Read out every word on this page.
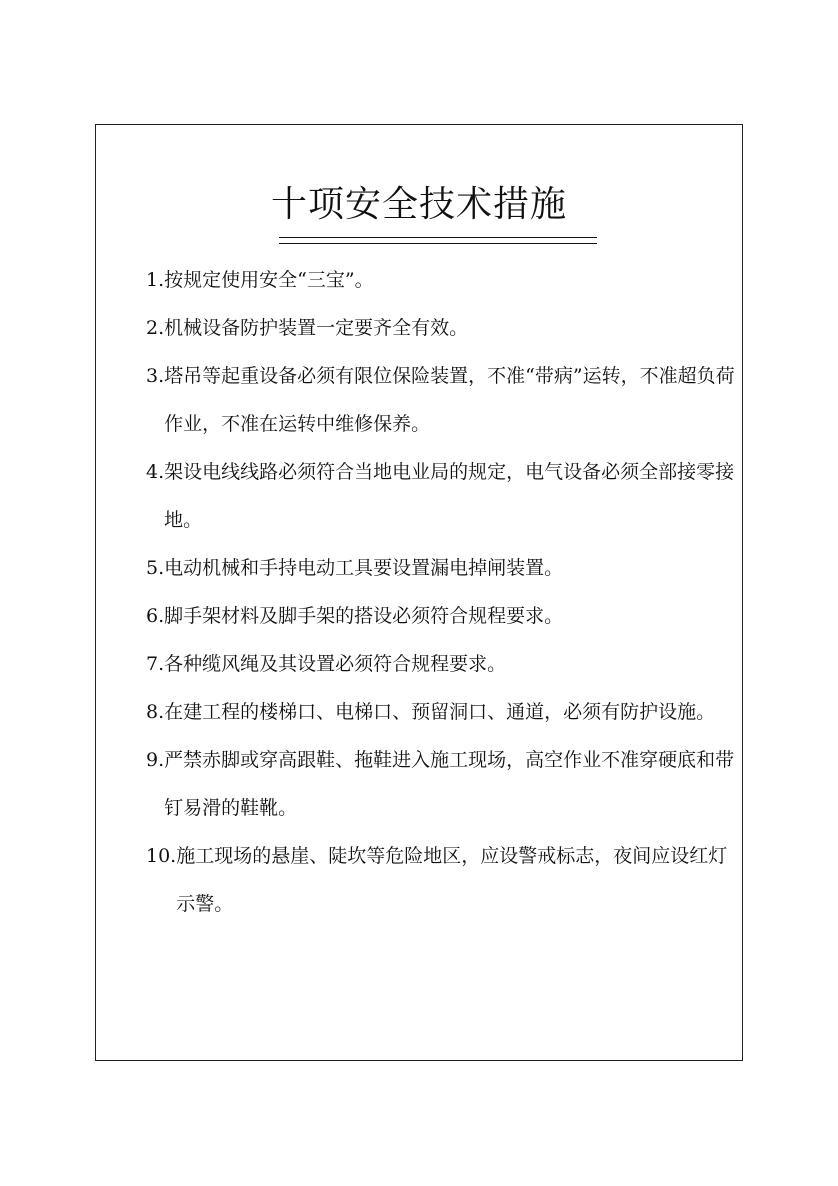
十项安全技术措施
1. 按规定使用安全“三宝”。
2. 机械设备防护装置一定要齐全有效。
3. 塔吊等起重设备必须有限位保险装置，不准“带病”运转，不准超负荷作业，不准在运转中维修保养。
4. 架设电线线路必须符合当地电业局的规定，电气设备必须全部接零接地。
5. 电动机械和手持电动工具要设置漏电掉闸装置。
6. 脚手架材料及脚手架的搭设必须符合规程要求。
7. 各种缆风绳及其设置必须符合规程要求。
8. 在建工程的楼梯口、电梯口、预留洞口、通道，必须有防护设施。
9. 严禁赤脚或穿高跟鞋、拖鞋进入施工现场，高空作业不准穿硬底和带钉易滑的鞋靴。
10. 施工现场的悬崖、陡坎等危险地区，应设警戒标志，夜间应设红灯示警。
